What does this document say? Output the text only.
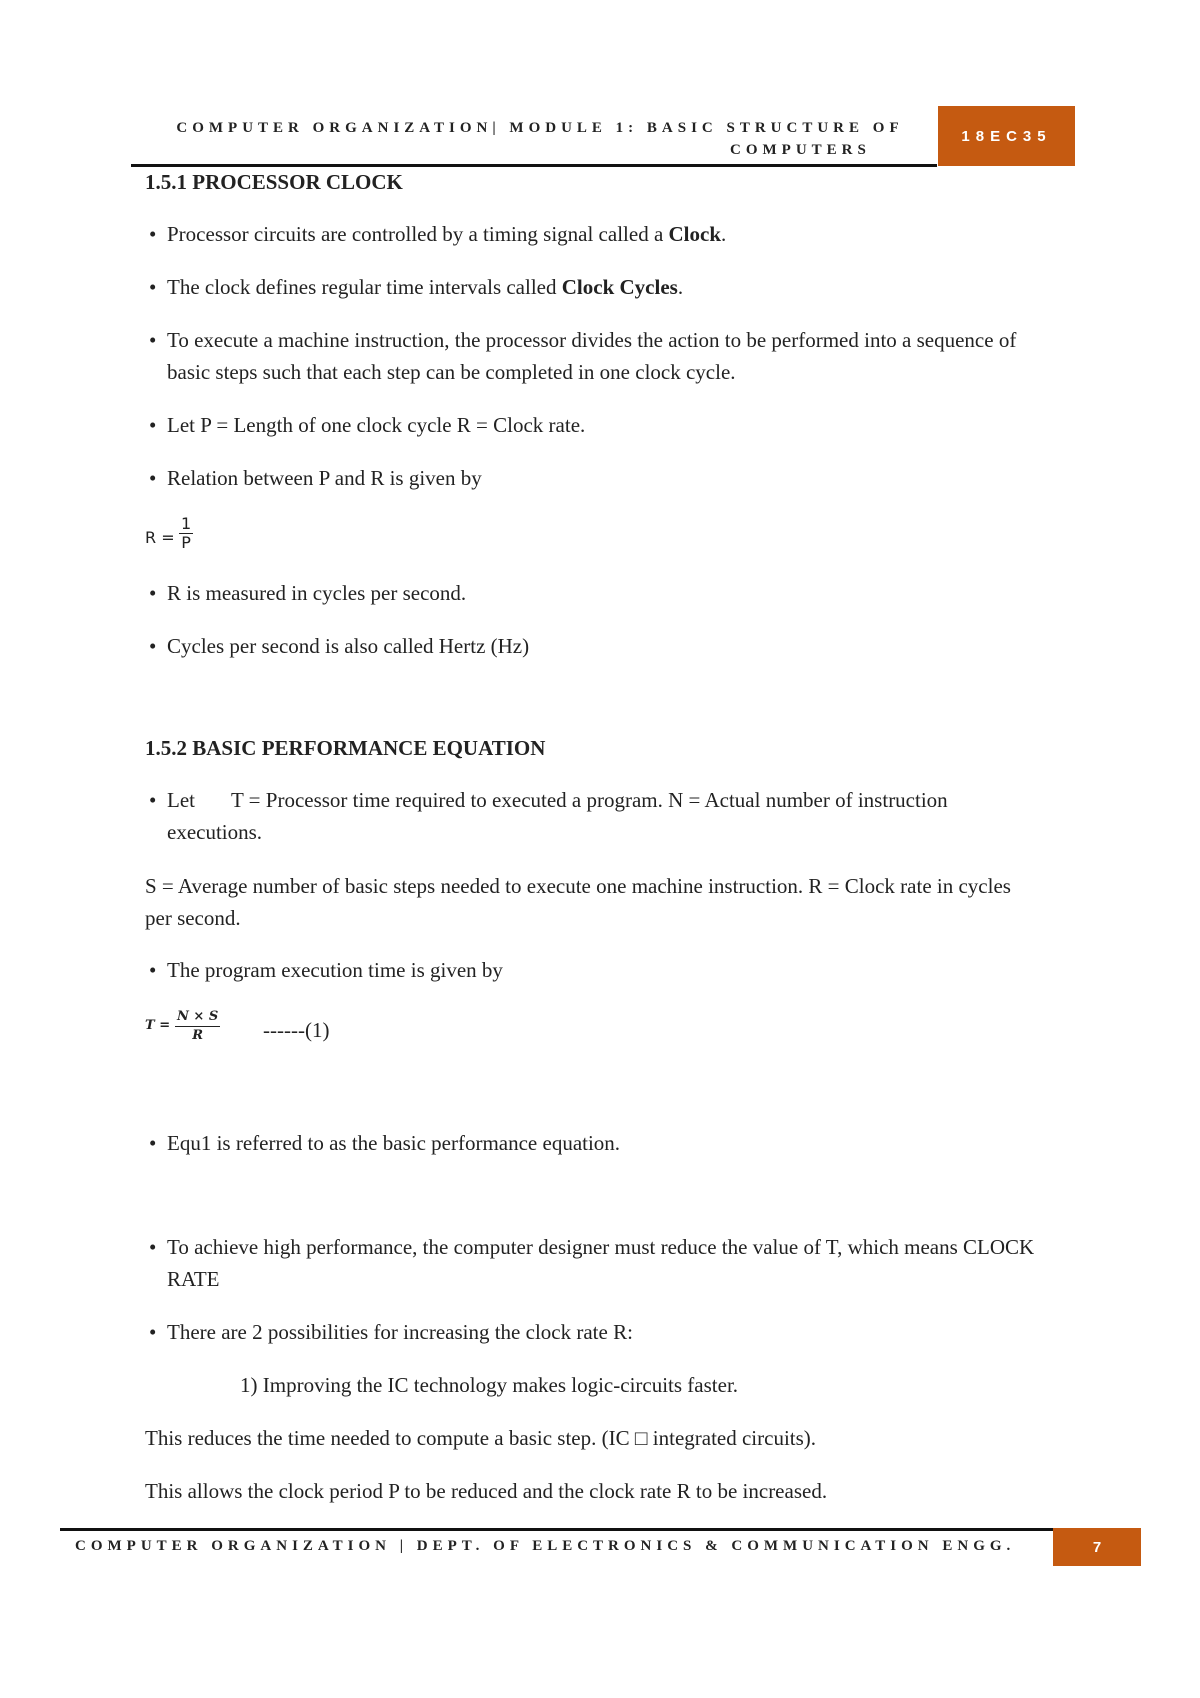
COMPUTER ORGANIZATION| MODULE 1: BASIC STRUCTURE OF
COMPUTERS
18EC35
1.5.1 PROCESSOR CLOCK
• Processor circuits are controlled by a timing signal called a Clock.
• The clock defines regular time intervals called Clock Cycles.
• To execute a machine instruction, the processor divides the action to be performed into a sequence of basic steps such that each step can be completed in one clock cycle.
• Let P = Length of one clock cycle R = Clock rate.
• Relation between P and R is given by
$R = \frac{1}{P}$
• R is measured in cycles per second.
• Cycles per second is also called Hertz (Hz)
1.5.2 BASIC PERFORMANCE EQUATION
• Let T = Processor time required to executed a program. N = Actual number of instruction executions.
S = Average number of basic steps needed to execute one machine instruction. R = Clock rate in cycles per second.
• The program execution time is given by
$T = \frac{N \times S}{R} ------(1)$
• Equ1 is referred to as the basic performance equation.
• To achieve high performance, the computer designer must reduce the value of T, which means CLOCK RATE
• There are 2 possibilities for increasing the clock rate R:
1) Improving the IC technology makes logic-circuits faster.
This reduces the time needed to compute a basic step. (IC □ integrated circuits).
This allows the clock period P to be reduced and the clock rate R to be increased.
COMPUTER ORGANIZATION | DEPT. OF ELECTRONICS & COMMUNICATION ENGG.	7
